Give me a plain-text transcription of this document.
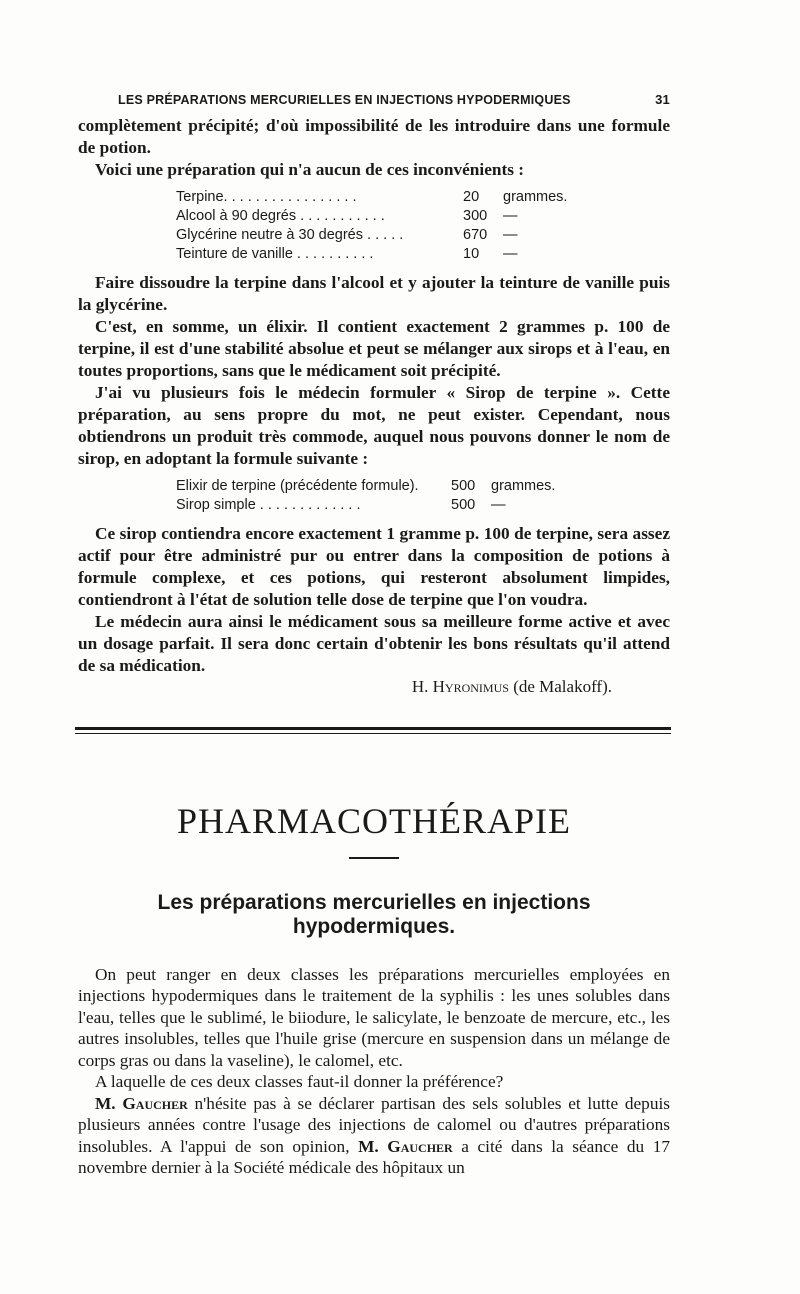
LES PRÉPARATIONS MERCURIELLES EN INJECTIONS HYPODERMIQUES	31

complètement précipité; d'où impossibilité de les introduire dans une formule de potion.

Voici une préparation qui n'a aucun de ces inconvénients :

Terpine. . . . . . . . . . . . . . . . .	20	grammes.
Alcool à 90 degrés . . . . . . . . . . .	300	—
Glycérine neutre à 30 degrés . . . . .	670	—
Teinture de vanille . . . . . . . . . .	10	—

Faire dissoudre la terpine dans l'alcool et y ajouter la teinture de vanille puis la glycérine.

C'est, en somme, un élixir. Il contient exactement 2 grammes p. 100 de terpine, il est d'une stabilité absolue et peut se mélanger aux sirops et à l'eau, en toutes proportions, sans que le médicament soit précipité.

J'ai vu plusieurs fois le médecin formuler « Sirop de terpine ». Cette préparation, au sens propre du mot, ne peut exister. Cependant, nous obtiendrons un produit très commode, auquel nous pouvons donner le nom de sirop, en adoptant la formule suivante :

Elixir de terpine (précédente formule).	500	grammes.
Sirop simple . . . . . . . . . . . . .	500	—

Ce sirop contiendra encore exactement 1 gramme p. 100 de terpine, sera assez actif pour être administré pur ou entrer dans la composition de potions à formule complexe, et ces potions, qui resteront absolument limpides, contiendront à l'état de solution telle dose de terpine que l'on voudra.

Le médecin aura ainsi le médicament sous sa meilleure forme active et avec un dosage parfait. Il sera donc certain d'obtenir les bons résultats qu'il attend de sa médication.

H. Hyronimus (de Malakoff).
PHARMACOTHÉRAPIE
Les préparations mercurielles en injections hypodermiques.

On peut ranger en deux classes les préparations mercurielles employées en injections hypodermiques dans le traitement de la syphilis : les unes solubles dans l'eau, telles que le sublimé, le biiodure, le salicylate, le benzoate de mercure, etc., les autres insolubles, telles que l'huile grise (mercure en suspension dans un mélange de corps gras ou dans la vaseline), le calomel, etc.

A laquelle de ces deux classes faut-il donner la préférence?

M. Gaucher n'hésite pas à se déclarer partisan des sels solubles et lutte depuis plusieurs années contre l'usage des injections de calomel ou d'autres préparations insolubles. A l'appui de son opinion, M. Gaucher a cité dans la séance du 17 novembre dernier à la Société médicale des hôpitaux un
